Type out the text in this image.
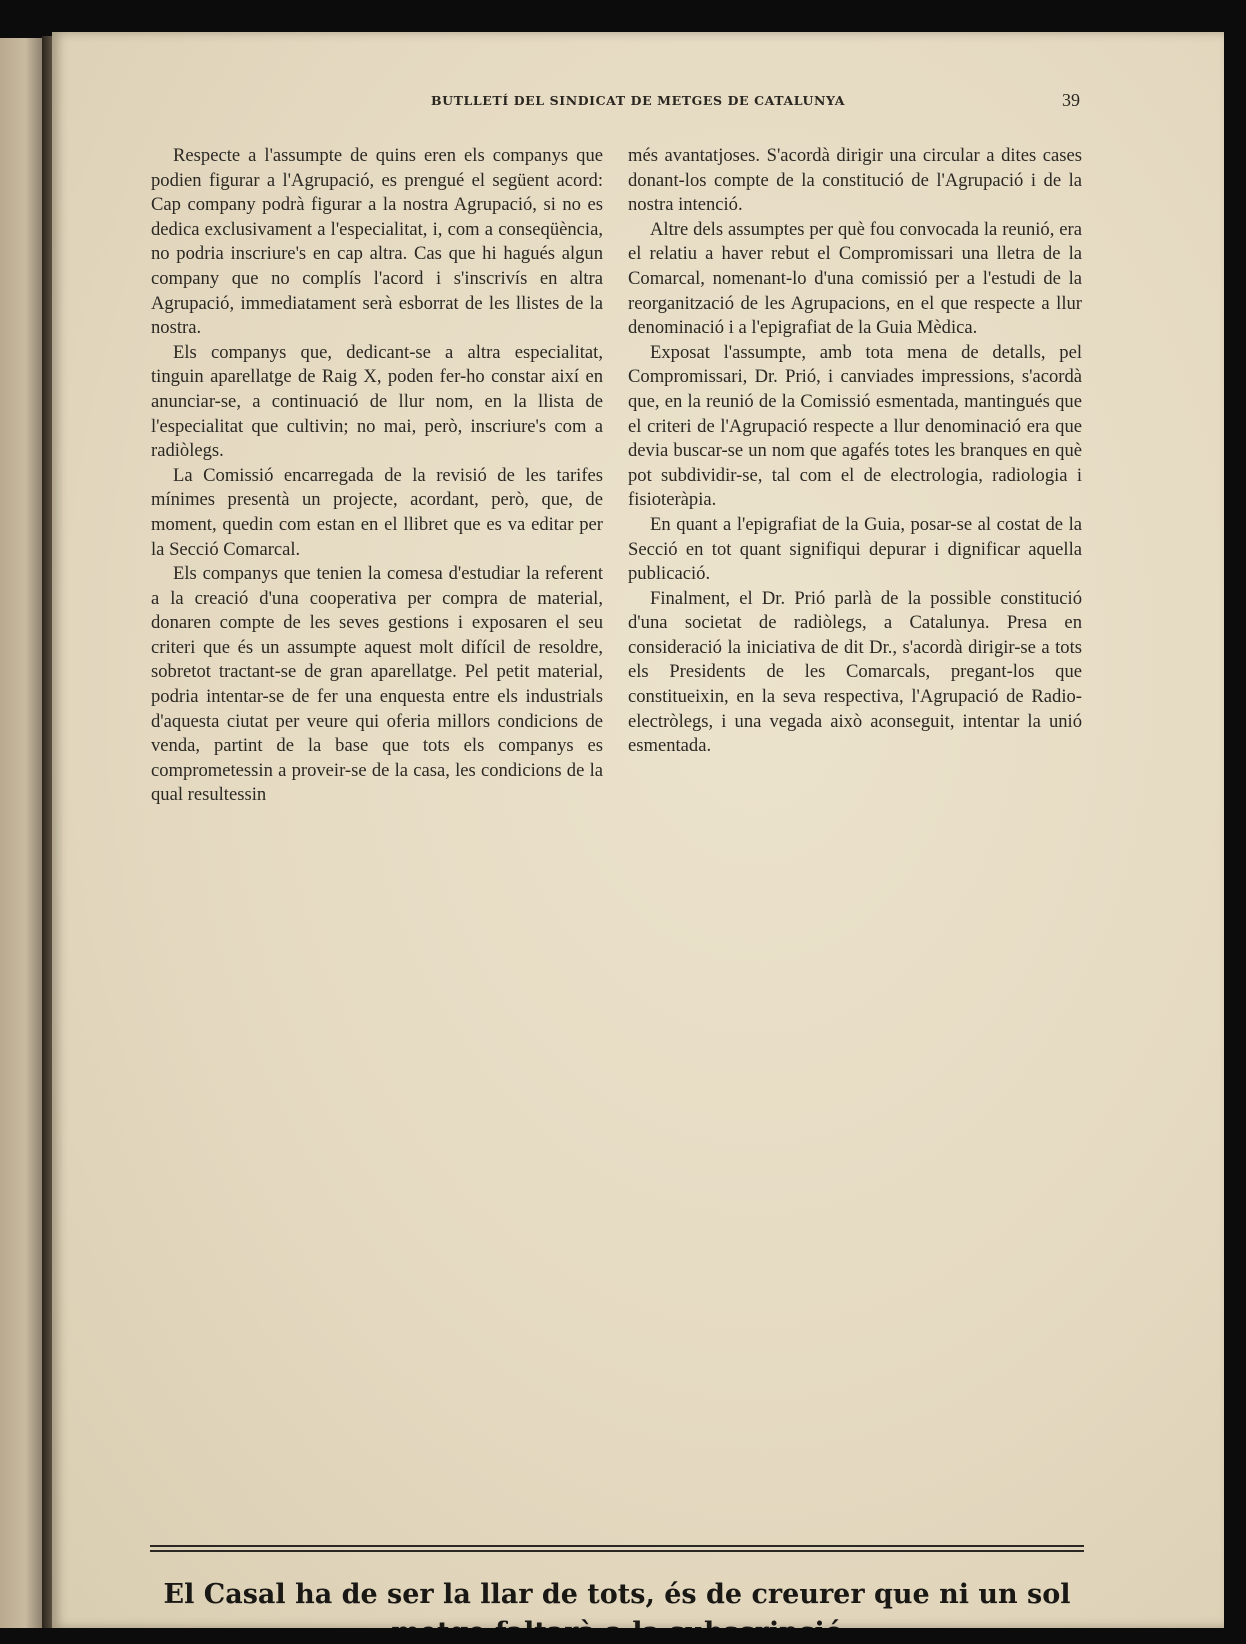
BUTLLETÍ DEL SINDICAT DE METGES DE CATALUNYA	39

Respecte a l'assumpte de quins eren els companys que podien figurar a l'Agrupació, es prengué el següent acord: Cap company podrà figurar a la nostra Agrupació, si no es dedica exclusivament a l'especialitat, i, com a conseqüència, no podria inscriure's en cap altra. Cas que hi hagués algun company que no complís l'acord i s'inscrivís en altra Agrupació, immediatament serà esborrat de les llistes de la nostra.

Els companys que, dedicant-se a altra especialitat, tinguin aparellatge de Raig X, poden fer-ho constar així en anunciar-se, a continuació de llur nom, en la llista de l'especialitat que cultivin; no mai, però, inscriure's com a radiòlegs.

La Comissió encarregada de la revisió de les tarifes mínimes presentà un projecte, acordant, però, que, de moment, quedin com estan en el llibret que es va editar per la Secció Comarcal.

Els companys que tenien la comesa d'estudiar la referent a la creació d'una cooperativa per compra de material, donaren compte de les seves gestions i exposaren el seu criteri que és un assumpte aquest molt difícil de resoldre, sobretot tractant-se de gran aparellatge. Pel petit material, podria intentar-se de fer una enquesta entre els industrials d'aquesta ciutat per veure qui oferia millors condicions de venda, partint de la base que tots els companys es comprometessin a proveir-se de la casa, les condicions de la qual resultessin

més avantatjoses. S'acordà dirigir una circular a dites cases donant-los compte de la constitució de l'Agrupació i de la nostra intenció.

Altre dels assumptes per què fou convocada la reunió, era el relatiu a haver rebut el Compromissari una lletra de la Comarcal, nomenant-lo d'una comissió per a l'estudi de la reorganització de les Agrupacions, en el que respecte a llur denominació i a l'epigrafiat de la Guia Mèdica.

Exposat l'assumpte, amb tota mena de detalls, pel Compromissari, Dr. Prió, i canviades impressions, s'acordà que, en la reunió de la Comissió esmentada, mantingués que el criteri de l'Agrupació respecte a llur denominació era que devia buscar-se un nom que agafés totes les branques en què pot subdividir-se, tal com el de electrologia, radiologia i fisioteràpia.

En quant a l'epigrafiat de la Guia, posar-se al costat de la Secció en tot quant signifiqui depurar i dignificar aquella publicació.

Finalment, el Dr. Prió parlà de la possible constitució d'una societat de radiòlegs, a Catalunya. Presa en consideració la iniciativa de dit Dr., s'acordà dirigir-se a tots els Presidents de les Comarcals, pregant-los que constitueixin, en la seva respectiva, l'Agrupació de Radio-electròlegs, i una vegada això aconseguit, intentar la unió esmentada.

El Casal ha de ser la llar de tots, és de creurer que ni un sol
